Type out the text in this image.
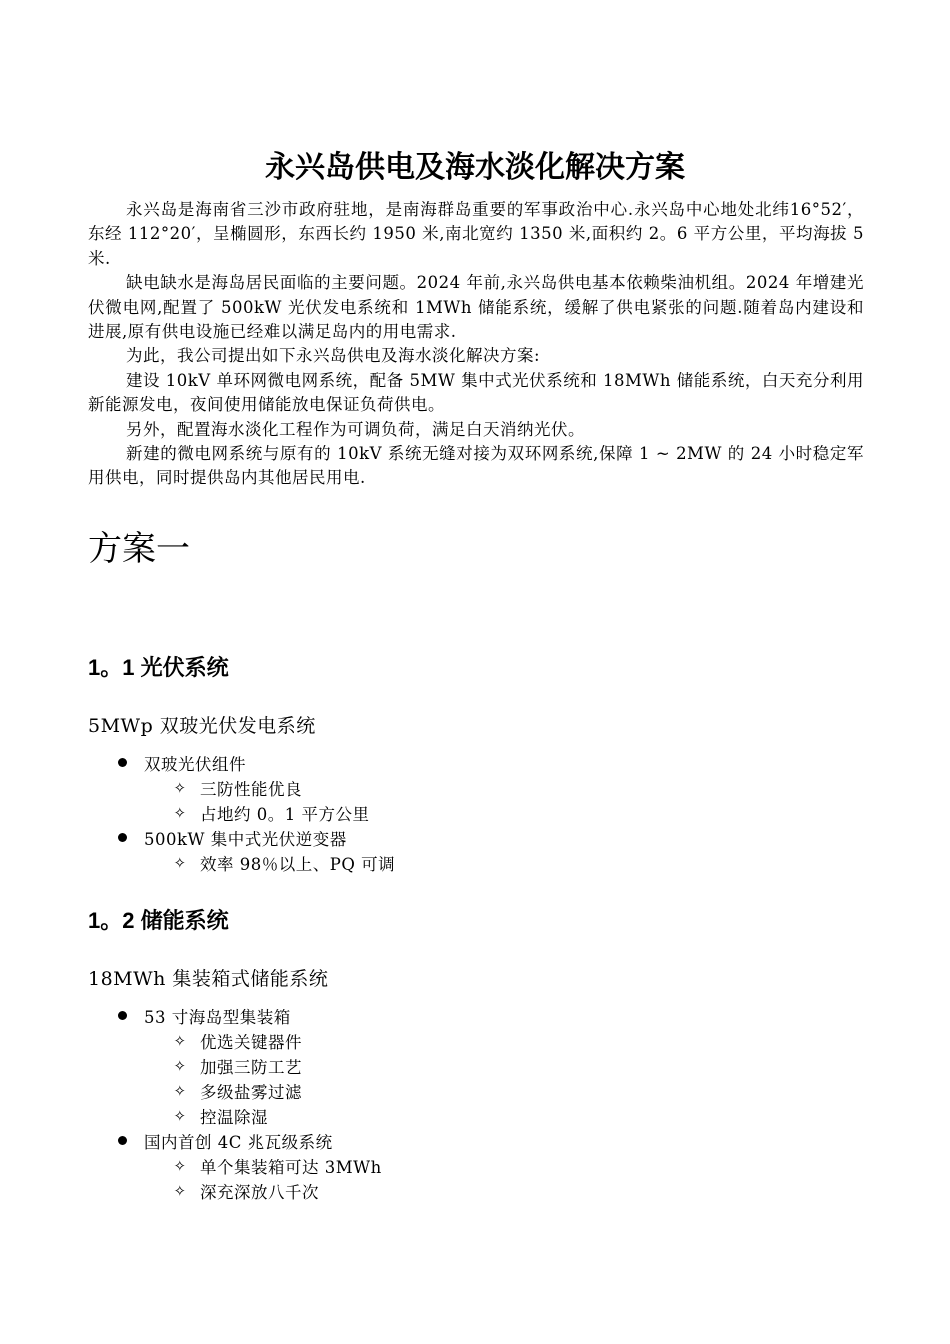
永兴岛供电及海水淡化解决方案

永兴岛是海南省三沙市政府驻地，是南海群岛重要的军事政治中心.永兴岛中心地处北纬16°52′，东经 112°20′，呈椭圆形，东西长约 1950 米,南北宽约 1350 米,面积约 2。6 平方公里，平均海拔 5 米.

缺电缺水是海岛居民面临的主要问题。2024 年前,永兴岛供电基本依赖柴油机组。2024 年增建光伏微电网,配置了 500kW 光伏发电系统和 1MWh 储能系统，缓解了供电紧张的问题.随着岛内建设和进展,原有供电设施已经难以满足岛内的用电需求.

为此，我公司提出如下永兴岛供电及海水淡化解决方案:

建设 10kV 单环网微电网系统，配备 5MW 集中式光伏系统和 18MWh 储能系统，白天充分利用新能源发电，夜间使用储能放电保证负荷供电。

另外，配置海水淡化工程作为可调负荷，满足白天消纳光伏。

新建的微电网系统与原有的 10kV 系统无缝对接为双环网系统,保障 1 ~ 2MW 的 24 小时稳定军用供电，同时提供岛内其他居民用电.

方案一
1。1 光伏系统

5MWp 双玻光伏发电系统

双玻光伏组件
✧ 三防性能优良
✧ 占地约 0。1 平方公里
500kW 集中式光伏逆变器
✧ 效率 98％以上、PQ 可调
1。2 储能系统

18MWh 集装箱式储能系统

53 寸海岛型集装箱
✧ 优选关键器件
✧ 加强三防工艺
✧ 多级盐雾过滤
✧ 控温除湿
国内首创 4C 兆瓦级系统
✧ 单个集装箱可达 3MWh
✧ 深充深放八千次
